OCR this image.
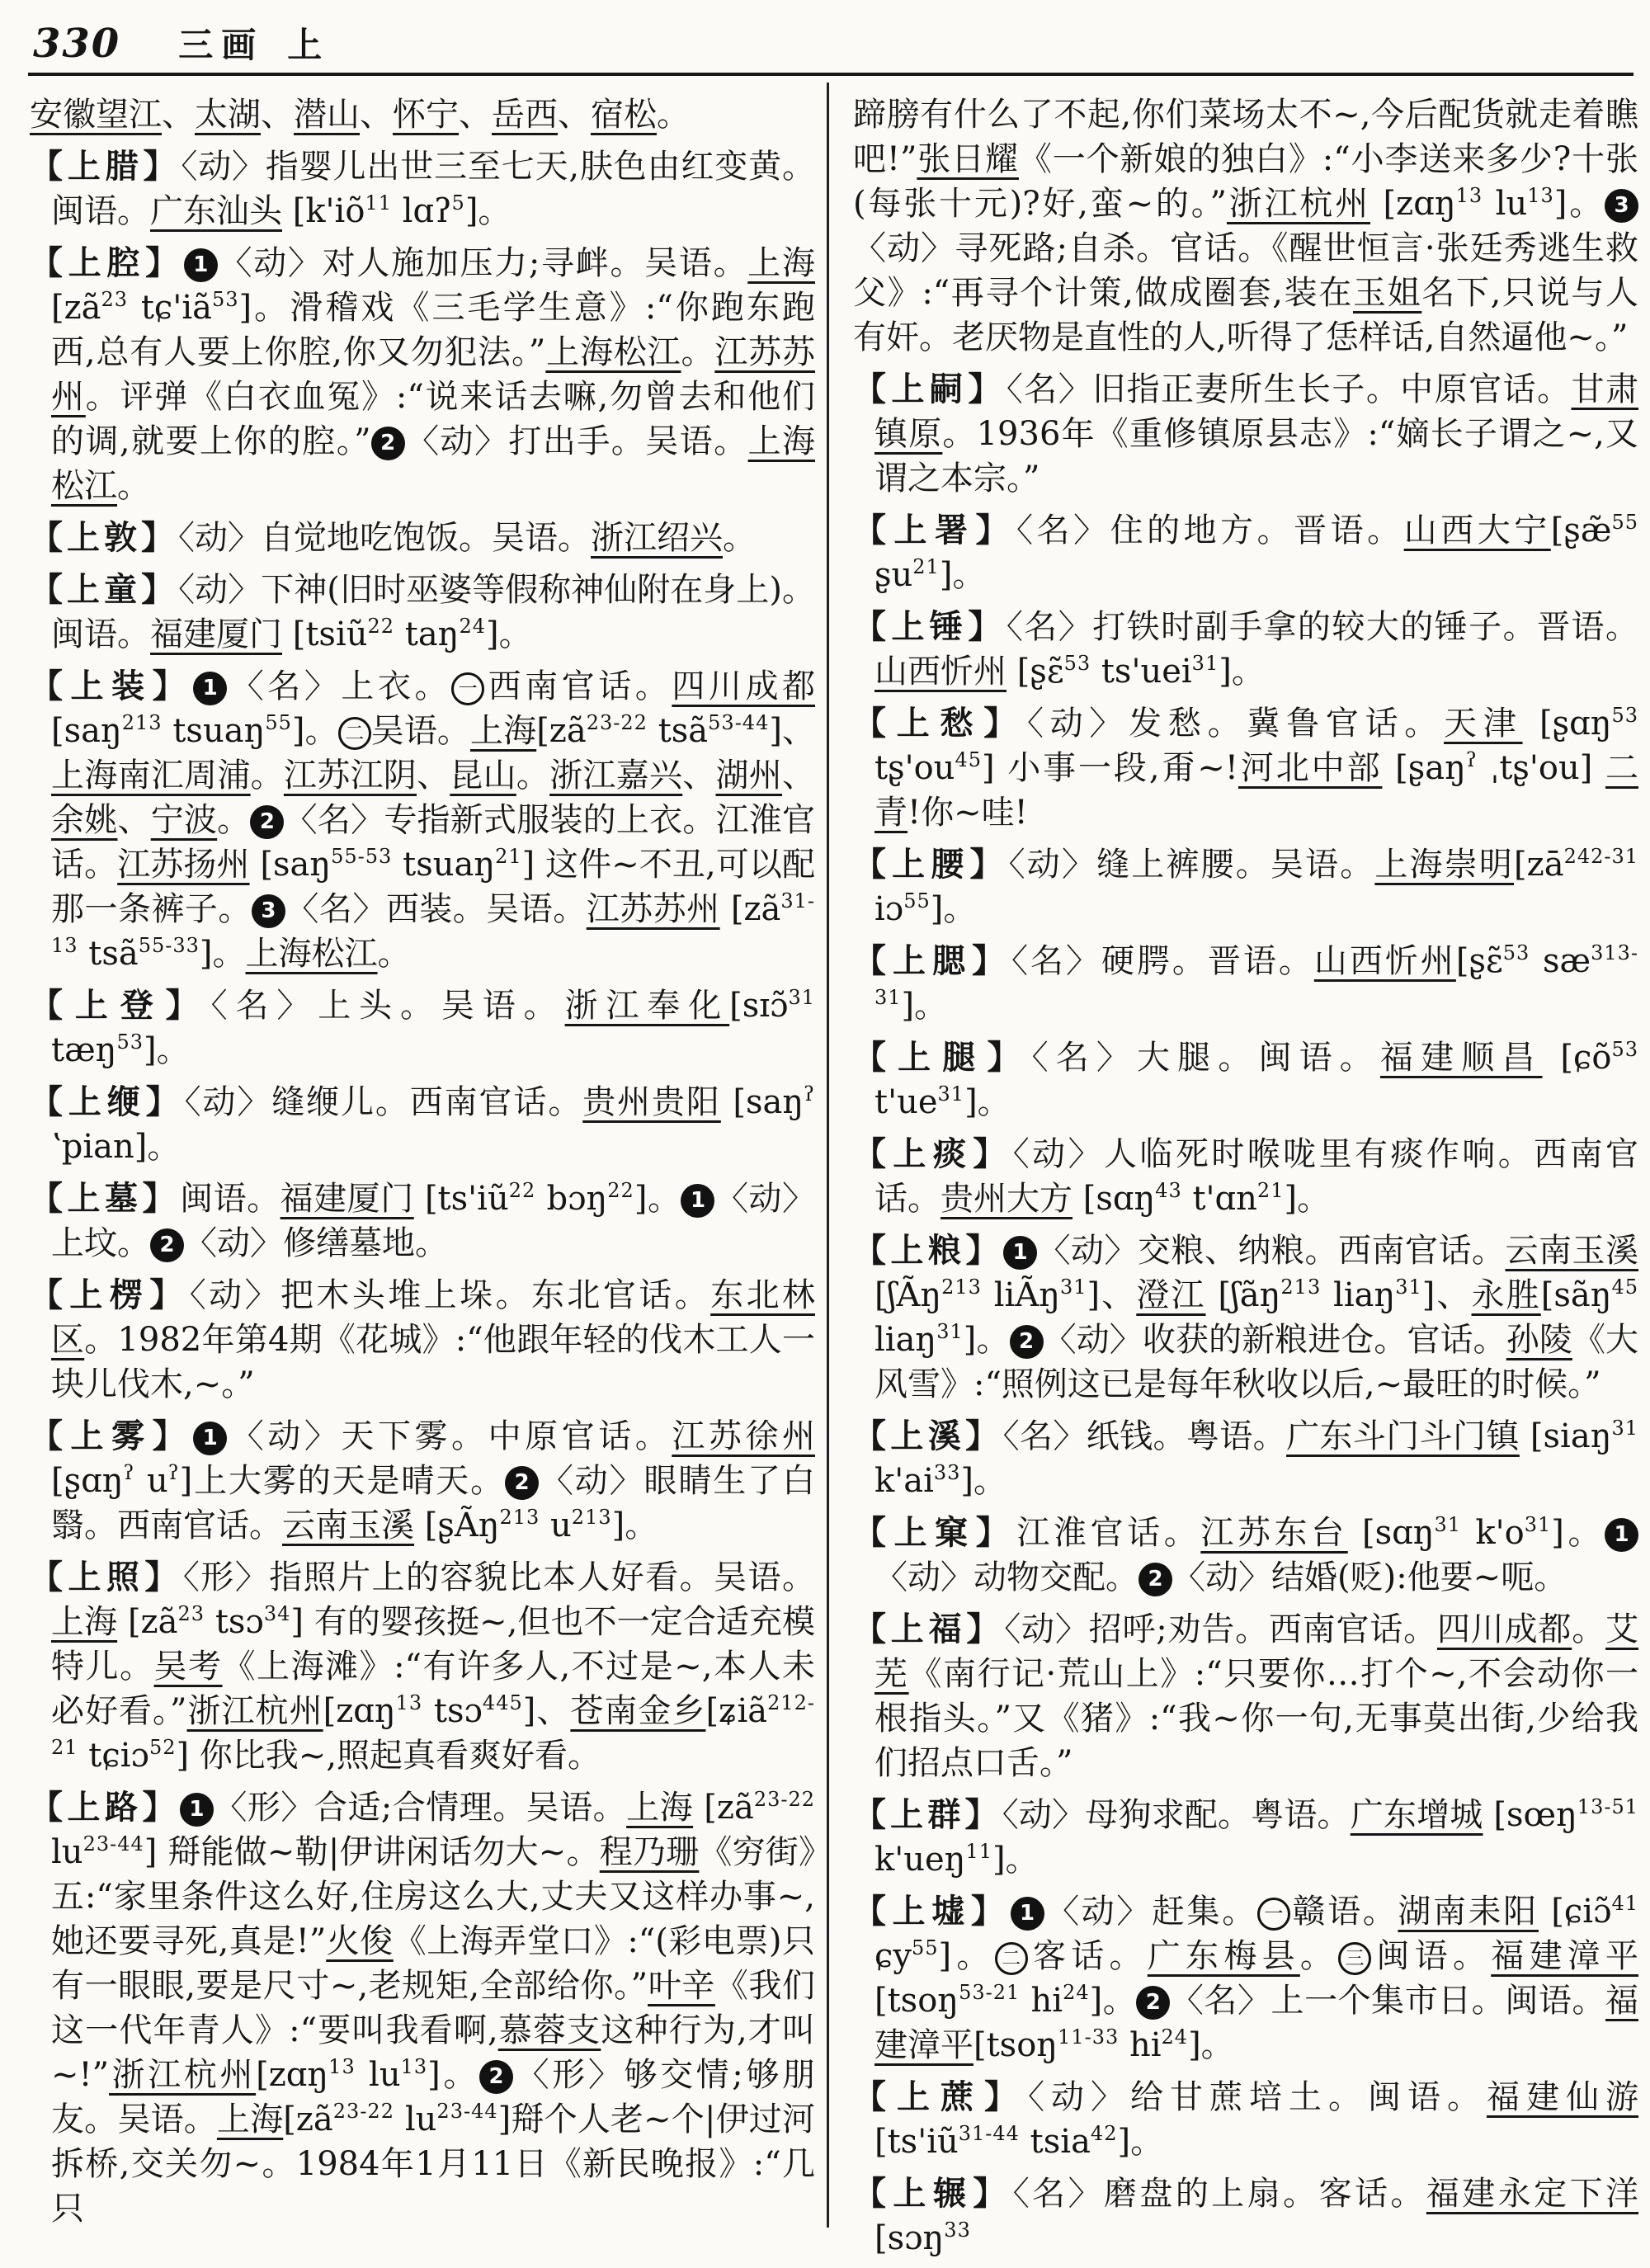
330 三画 上
安徽望江、太湖、潜山、怀宁、岳西、宿松。
【上腊】〈动〉指婴儿出世三至七天,肤色由红变黄。闽语。广东汕头 [$k'iõ^{11}$ lɑʔ$^5$]。
【上腔】 1 〈动〉对人施加压力;寻衅。吴语。上海 [$zã^{23}$ $tɕ'iã^{53}$]。滑稽戏《三毛学生意》:“你跑东跑西,总有人要上你腔,你又勿犯法。”上海松江。江苏苏州。评弹《白衣血冤》:“说来话去嘛,勿曾去和他们的调,就要上你的腔。” 2 〈动〉打出手。吴语。上海松江。
【上敦】〈动〉自觉地吃饱饭。吴语。浙江绍兴。
【上童】〈动〉下神(旧时巫婆等假称神仙附在身上)。闽语。福建厦门 [tsiũ$^{22}$ taŋ$^{24}$]。
【上装】 1 〈名〉上衣。 一 西南官话。四川成都 [saŋ$^{213}$ tsuaŋ$^{55}$]。 二 吴语。上海[$zã^{23-22}$ tsã$^{53-44}$]、上海南汇周浦。江苏江阴、昆山。浙江嘉兴、湖州、余姚、宁波。 2 〈名〉专指新式服装的上衣。江淮官话。江苏扬州 [saŋ$^{55-53}$ tsuaŋ$^{21}$] 这件~不丑,可以配那一条裤子。 3 〈名〉西装。吴语。江苏苏州 [$zã^{31-13}$ tsã$^{55-33}$]。上海松江。
【上登】〈名〉上头。吴语。浙江奉化[sɪɔ̃$^{31}$ tæŋ$^{53}$]。
【上缏】〈动〉缝缏儿。西南官话。贵州贵阳 [saŋ$^ʔ$ ʽpian]。
【上墓】闽语。福建厦门 [$ts'iũ^{22}$ bɔŋ$^{22}$]。 1 〈动〉上坟。 2 〈动〉修缮墓地。
【上楞】〈动〉把木头堆上垛。东北官话。东北林区。1982年第4期《花城》:“他跟年轻的伐木工人一块儿伐木,~。”
【上雾】 1 〈动〉天下雾。中原官话。江苏徐州[ʂɑŋ$^ʔ$ $u^ʔ$]上大雾的天是晴天。 2 〈动〉眼睛生了白翳。西南官话。云南玉溪 [ʂÃŋ$^{213}$ $u^{213}$]。
【上照】〈形〉指照片上的容貌比本人好看。吴语。上海 [$zã^{23}$ tsɔ$^{34}$] 有的婴孩挺~,但也不一定合适充模特儿。吴考《上海滩》:“有许多人,不过是~,本人未必好看。”浙江杭州[zɑŋ$^{13}$ tsɔ$^{445}$]、苍南金乡[ʑiã$^{212-21}$ tɕiɔ$^{52}$] 你比我~,照起真看爽好看。
【上路】 1 〈形〉合适;合情理。吴语。上海 [$zã^{23-22}$ $lu^{23-44}$] 搿能做~勒|伊讲闲话勿大~。程乃珊《穷街》五:“家里条件这么好,住房这么大,丈夫又这样办事~,她还要寻死,真是!”火俊《上海弄堂口》:“(彩电票)只有一眼眼,要是尺寸~,老规矩,全部给你。”叶辛《我们这一代年青人》:“要叫我看啊,慕蓉支这种行为,才叫~!”浙江杭州[zɑŋ$^{13}$ $lu^{13}$]。 2 〈形〉够交情;够朋友。吴语。上海[$zã^{23-22}$ $lu^{23-44}$]搿个人老~个|伊过河拆桥,交关勿~。1984年1月11日《新民晚报》:“几只
蹄膀有什么了不起,你们菜场太不~,今后配货就走着瞧吧!”张日耀《一个新娘的独白》:“小李送来多少?十张(每张十元)?好,蛮~的。”浙江杭州 [zɑŋ$^{13}$ $lu^{13}$]。 3〈动〉寻死路;自杀。官话。《醒世恒言·张廷秀逃生救父》:“再寻个计策,做成圈套,装在玉姐名下,只说与人有奸。老厌物是直性的人,听得了恁样话,自然逼他~。”
【上嗣】〈名〉旧指正妻所生长子。中原官话。甘肃镇原。1936年《重修镇原县志》:“嫡长子谓之~,又谓之本宗。”
【上署】〈名〉住的地方。晋语。山西大宁[ʂæ̃$^{55}$ ʂu$^{21}$]。
【上锤】〈名〉打铁时副手拿的较大的锤子。晋语。山西忻州 [ʂɛ̃$^{53}$ ts'uei$^{31}$]。
【上愁】〈动〉发愁。冀鲁官话。天津 [ʂɑŋ$^{53}$ $tʂ'ou^{45}$] 小事一段,甭~!河北中部 [ʂaŋ$^ʔ$ ˌtʂ'ou] 二青!你~哇!
【上腰】〈动〉缝上裤腰。吴语。上海崇明[$zā^{242-31}$ iɔ$^{55}$]。
【上腮】〈名〉硬腭。晋语。山西忻州[ʂɛ̃$^{53}$ $sæ^{313-31}$]。
【上腿】〈名〉大腿。闽语。福建顺昌 [ɕõ$^{53}$ $t'ue^{31}$]。
【上痰】〈动〉人临死时喉咙里有痰作响。西南官话。贵州大方 [sɑŋ$^{43}$ t'ɑn$^{21}$]。
【上粮】 1 〈动〉交粮、纳粮。西南官话。云南玉溪[ʃÃŋ$^{213}$ liÃŋ$^{31}$]、澄江 [ʃãŋ$^{213}$ liaŋ$^{31}$]、永胜[sãŋ$^{45}$ liaŋ$^{31}$]。 2 〈动〉收获的新粮进仓。官话。孙陵《大风雪》:“照例这已是每年秋收以后,~最旺的时候。”
【上溪】〈名〉纸钱。粤语。广东斗门斗门镇 [siaŋ$^{31}$ $k'ai^{33}$]。
【上窠】江淮官话。江苏东台 [sɑŋ$^{31}$ $k'o^{31}$]。 1〈动〉动物交配。 2 〈动〉结婚(贬):他要~呃。
【上福】〈动〉招呼;劝告。西南官话。四川成都。艾芜《南行记·荒山上》:“只要你…打个~,不会动你一根指头。”又《猪》:“我~你一句,无事莫出街,少给我们招点口舌。”
【上群】〈动〉母狗求配。粤语。广东增城 [sœŋ$^{13-51}$ k'ueŋ$^{11}$]。
【上墟】 1 〈动〉赶集。 一 赣语。湖南耒阳 [ɕiɔ̃$^{41}$ ɕy$^{55}$]。 二 客话。广东梅县。 三 闽语。福建漳平 [tsoŋ$^{53-21}$ $hi^{24}$]。 2 〈名〉上一个集市日。闽语。福建漳平[tsoŋ$^{11-33}$ $hi^{24}$]。
【上蔗】〈动〉给甘蔗培土。闽语。福建仙游 [$ts'iũ^{31-44}$ tsia$^{42}$]。
【上辗】〈名〉磨盘的上扇。客话。福建永定下洋 [sɔŋ$^{33}$
